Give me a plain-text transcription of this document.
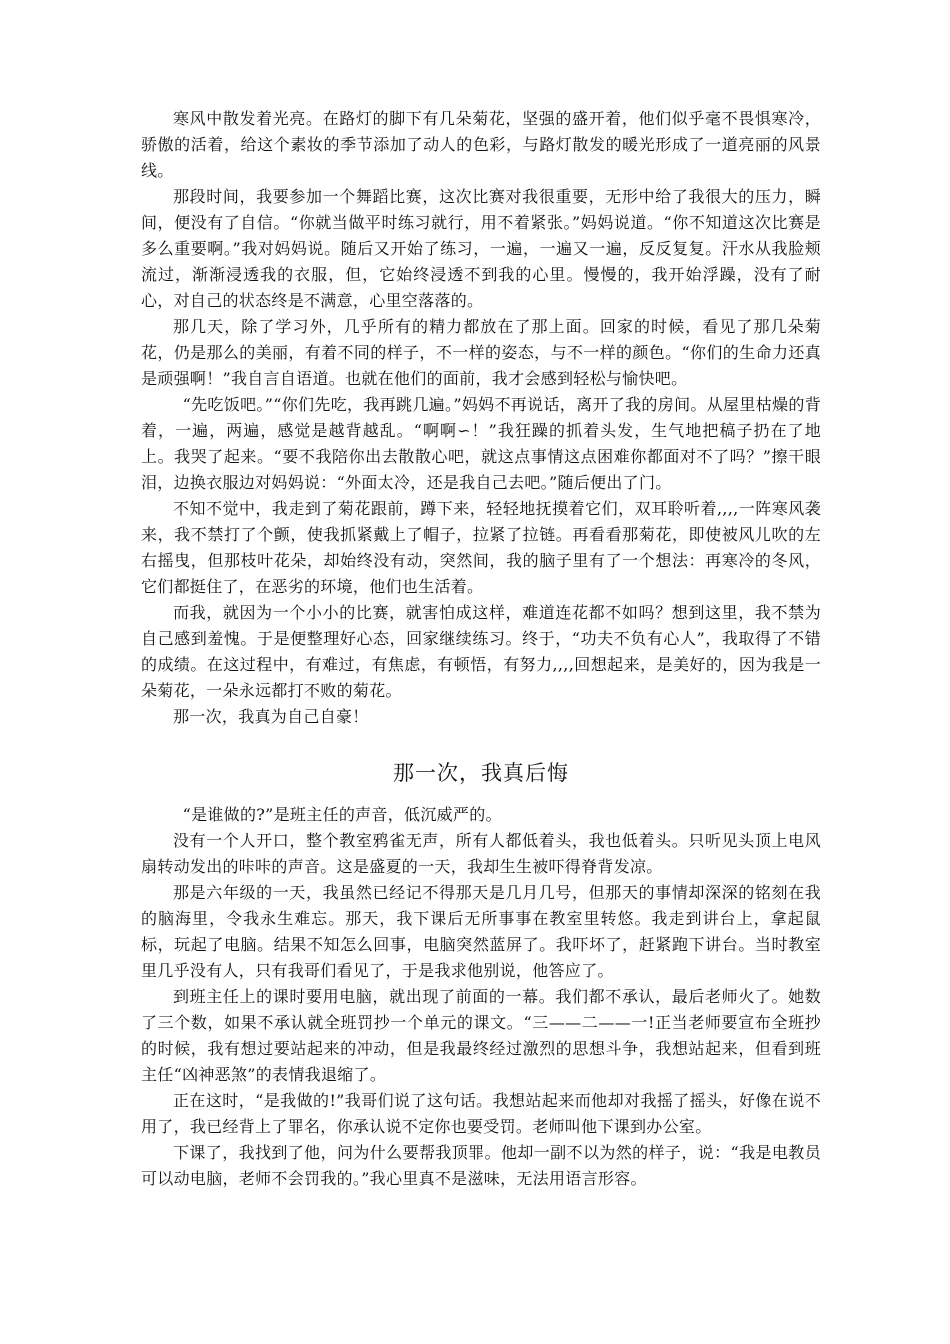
寒风中散发着光亮。在路灯的脚下有几朵菊花，坚强的盛开着，他们似乎毫不畏惧寒冷，骄傲的活着，给这个素妆的季节添加了动人的色彩，与路灯散发的暖光形成了一道亮丽的风景线。

那段时间，我要参加一个舞蹈比赛，这次比赛对我很重要，无形中给了我很大的压力，瞬间，便没有了自信。“你就当做平时练习就行，用不着紧张。”妈妈说道。“你不知道这次比赛是多么重要啊。”我对妈妈说。随后又开始了练习，一遍，一遍又一遍，反反复复。汗水从我脸颊流过，渐渐浸透我的衣服，但，它始终浸透不到我的心里。慢慢的，我开始浮躁，没有了耐心，对自己的状态终是不满意，心里空落落的。

那几天，除了学习外，几乎所有的精力都放在了那上面。回家的时候，看见了那几朵菊花，仍是那么的美丽，有着不同的样子，不一样的姿态，与不一样的颜色。“你们的生命力还真是顽强啊！”我自言自语道。也就在他们的面前，我才会感到轻松与愉快吧。

“先吃饭吧。”“你们先吃，我再跳几遍。”妈妈不再说话，离开了我的房间。从屋里枯燥的背着，一遍，两遍，感觉是越背越乱。“啊啊∽！”我狂躁的抓着头发，生气地把稿子扔在了地上。我哭了起来。“要不我陪你出去散散心吧，就这点事情这点困难你都面对不了吗？”擦干眼泪，边换衣服边对妈妈说：“外面太冷，还是我自己去吧。”随后便出了门。

不知不觉中，我走到了菊花跟前，蹲下来，轻轻地抚摸着它们，双耳聆听着,,,,一阵寒风袭来，我不禁打了个颤，使我抓紧戴上了帽子，拉紧了拉链。再看看那菊花，即使被风儿吹的左右摇曳，但那枝叶花朵，却始终没有动，突然间，我的脑子里有了一个想法：再寒冷的冬风，它们都挺住了，在恶劣的环境，他们也生活着。

而我，就因为一个小小的比赛，就害怕成这样，难道连花都不如吗？想到这里，我不禁为自己感到羞愧。于是便整理好心态，回家继续练习。终于，“功夫不负有心人”，我取得了不错的成绩。在这过程中，有难过，有焦虑，有顿悟，有努力,,,,回想起来，是美好的，因为我是一朵菊花，一朵永远都打不败的菊花。

那一次，我真为自己自豪！

那一次，我真后悔

“是谁做的?”是班主任的声音，低沉威严的。

没有一个人开口，整个教室鸦雀无声，所有人都低着头，我也低着头。只听见头顶上电风扇转动发出的咔咔的声音。这是盛夏的一天，我却生生被吓得脊背发凉。

那是六年级的一天，我虽然已经记不得那天是几月几号，但那天的事情却深深的铭刻在我的脑海里，令我永生难忘。那天，我下课后无所事事在教室里转悠。我走到讲台上，拿起鼠标，玩起了电脑。结果不知怎么回事，电脑突然蓝屏了。我吓坏了，赶紧跑下讲台。当时教室里几乎没有人，只有我哥们看见了，于是我求他别说，他答应了。

到班主任上的课时要用电脑，就出现了前面的一幕。我们都不承认，最后老师火了。她数了三个数，如果不承认就全班罚抄一个单元的课文。“三——二——一!正当老师要宣布全班抄的时候，我有想过要站起来的冲动，但是我最终经过激烈的思想斗争，我想站起来，但看到班主任“凶神恶煞”的表情我退缩了。

正在这时，“是我做的!”我哥们说了这句话。我想站起来而他却对我摇了摇头，好像在说不用了，我已经背上了罪名，你承认说不定你也要受罚。老师叫他下课到办公室。

下课了，我找到了他，问为什么要帮我顶罪。他却一副不以为然的样子，说：“我是电教员可以动电脑，老师不会罚我的。”我心里真不是滋味，无法用语言形容。
